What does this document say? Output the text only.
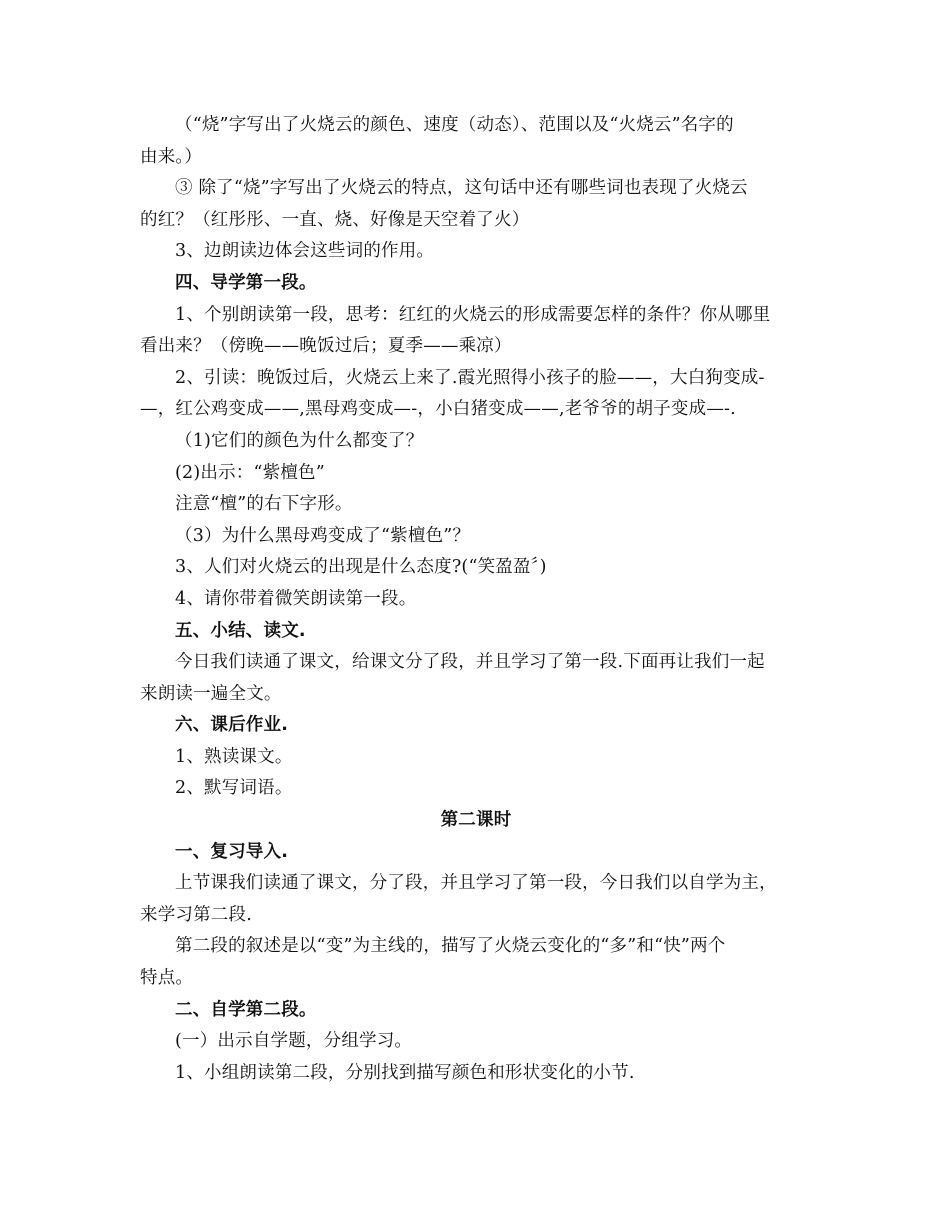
（“烧”字写出了火烧云的颜色、速度（动态）、范围以及“火烧云”名字的
由来。）
③ 除了“烧”字写出了火烧云的特点，这句话中还有哪些词也表现了火烧云
的红？（红彤彤、一直、烧、好像是天空着了火）
3、边朗读边体会这些词的作用。
四、导学第一段。
1、个别朗读第一段，思考：红红的火烧云的形成需要怎样的条件？你从哪里
看出来？（傍晚——晚饭过后；夏季——乘凉）
2、引读：晚饭过后，火烧云上来了.霞光照得小孩子的脸——，大白狗变成-
—，红公鸡变成——,黑母鸡变成—-，小白猪变成——,老爷爷的胡子变成—-.
（1)它们的颜色为什么都变了？
(2)出示：“紫檀色”
注意“檀”的右下字形。
（3）为什么黑母鸡变成了“紫檀色”？
3、人们对火烧云的出现是什么态度?(“笑盈盈〞)
4、请你带着微笑朗读第一段。
五、小结、读文.
今日我们读通了课文，给课文分了段，并且学习了第一段.下面再让我们一起
来朗读一遍全文。
六、课后作业.
1、熟读课文。
2、默写词语。
第二课时
一、复习导入.
上节课我们读通了课文，分了段，并且学习了第一段，今日我们以自学为主，
来学习第二段.
第二段的叙述是以“变”为主线的，描写了火烧云变化的“多”和“快”两个
特点。
二、自学第二段。
(一）出示自学题，分组学习。
1、小组朗读第二段，分别找到描写颜色和形状变化的小节.
